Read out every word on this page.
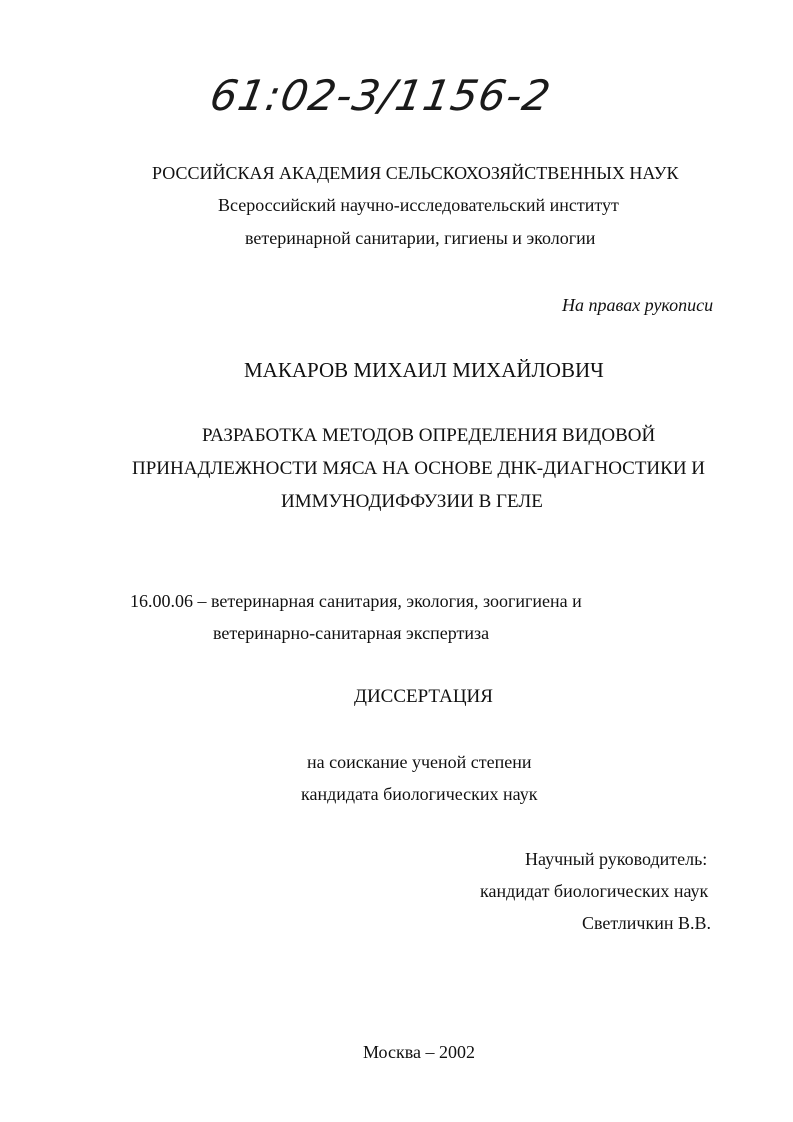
61:02-3/1156-2
РОССИЙСКАЯ АКАДЕМИЯ СЕЛЬСКОХОЗЯЙСТВЕННЫХ НАУК
Всероссийский научно-исследовательский институт
ветеринарной санитарии, гигиены и экологии
На правах рукописи
МАКАРОВ МИХАИЛ МИХАЙЛОВИЧ
РАЗРАБОТКА МЕТОДОВ ОПРЕДЕЛЕНИЯ ВИДОВОЙ
ПРИНАДЛЕЖНОСТИ МЯСА НА ОСНОВЕ ДНК-ДИАГНОСТИКИ И
ИММУНОДИФФУЗИИ В ГЕЛЕ
16.00.06 – ветеринарная санитария, экология, зоогигиена и
ветеринарно-санитарная экспертиза
ДИССЕРТАЦИЯ
на соискание ученой степени
кандидата биологических наук
Научный руководитель:
кандидат биологических наук
Светличкин В.В.
Москва – 2002
